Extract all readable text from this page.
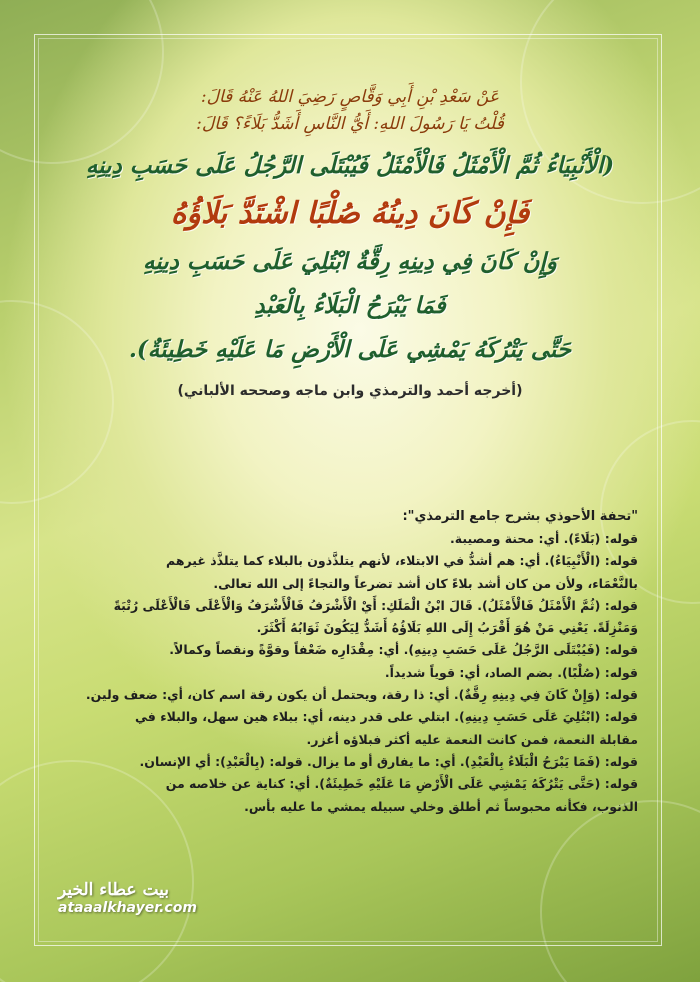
عَنْ سَعْدِ بْنِ أَبِي وَقَّاصٍ رَضِيَ اللهُ عَنْهُ قَالَ:
قُلْتُ يَا رَسُولَ اللهِ: أَيُّ النَّاسِ أَشَدُّ بَلَاءً؟ قَالَ:
(الْأَنْبِيَاءُ ثُمَّ الْأَمْثَلُ فَالْأَمْثَلُ فَيُبْتَلَى الرَّجُلُ عَلَى حَسَبِ دِينِهِ
فَإِنْ كَانَ دِينُهُ صُلْبًا اشْتَدَّ بَلَاؤُهُ
وَإِنْ كَانَ فِي دِينِهِ رِقَّةٌ ابْتُلِيَ عَلَى حَسَبِ دِينِهِ
فَمَا يَبْرَحُ الْبَلَاءُ بِالْعَبْدِ
حَتَّى يَتْرُكَهُ يَمْشِي عَلَى الْأَرْضِ مَا عَلَيْهِ خَطِيئَةٌ).
(أخرجه أحمد والترمذي وابن ماجه وصححه الألباني)
"تحفة الأحوذي بشرح جامع الترمذي":
قوله: (بَلَاءً). أي: محنة ومصيبة.
قوله: (الْأَنْبِيَاءُ). أي: هم أشدُّ في الابتلاء، لأنهم يتلذَّذون بالبلاء كما يتلذَّذ غيرهم
بالنَّعْمَاء، ولأن من كان أشد بلاءً كان أشد تضرعاً والتجاءً إلى الله تعالى.
قوله: (ثُمَّ الْأَمْثَلُ فَالْأَمْثَلُ). قَالَ ابْنُ الْمَلَكِ: أَيْ الْأَشْرَفُ فَالْأَشْرَفُ وَالْأَعْلَى فَالْأَعْلَى رُتْبَةً
وَمَنْزِلَةً. يَعْنِي مَنْ هُوَ أَقْرَبُ إِلَى اللهِ بَلَاؤُهُ أَشَدُّ لِيَكُونَ ثَوَابُهُ أَكْثَرَ.
قوله: (فَيُبْتَلَى الرَّجُلُ عَلَى حَسَبِ دِينِهِ). أي: مِقْدَارِه ضَعْفاً وقوَّةً ونقصاً وكمالاً.
قوله: (صُلْبًا). بضم الصاد، أي: قوياً شديداً.
قوله: (وَإِنْ كَانَ فِي دِينِهِ رِقَّةٌ). أي: ذا رقة، ويحتمل أن يكون رقة اسم كان، أي: ضعف ولين.
قوله: (ابْتُلِيَ عَلَى حَسَبِ دِينِهِ). ابتلي على قدر دينه، أي: ببلاء هين سهل، والبلاء في
مقابلة النعمة، فمن كانت النعمة عليه أكثر فبلاؤه أغزر.
قوله: (فَمَا يَبْرَحُ الْبَلَاءُ بِالْعَبْدِ). أي: ما يفارق أو ما يزال. قوله: (بِالْعَبْدِ): أي الإنسان.
قوله: (حَتَّى يَتْرُكَهُ يَمْشِي عَلَى الْأَرْضِ مَا عَلَيْهِ خَطِيئَةٌ). أي: كناية عن خلاصه من
الذنوب، فكأنه محبوساً ثم أطلق وخلي سبيله يمشي ما عليه بأس.
بيت عطاء الخير
ataaalkhayer.com
